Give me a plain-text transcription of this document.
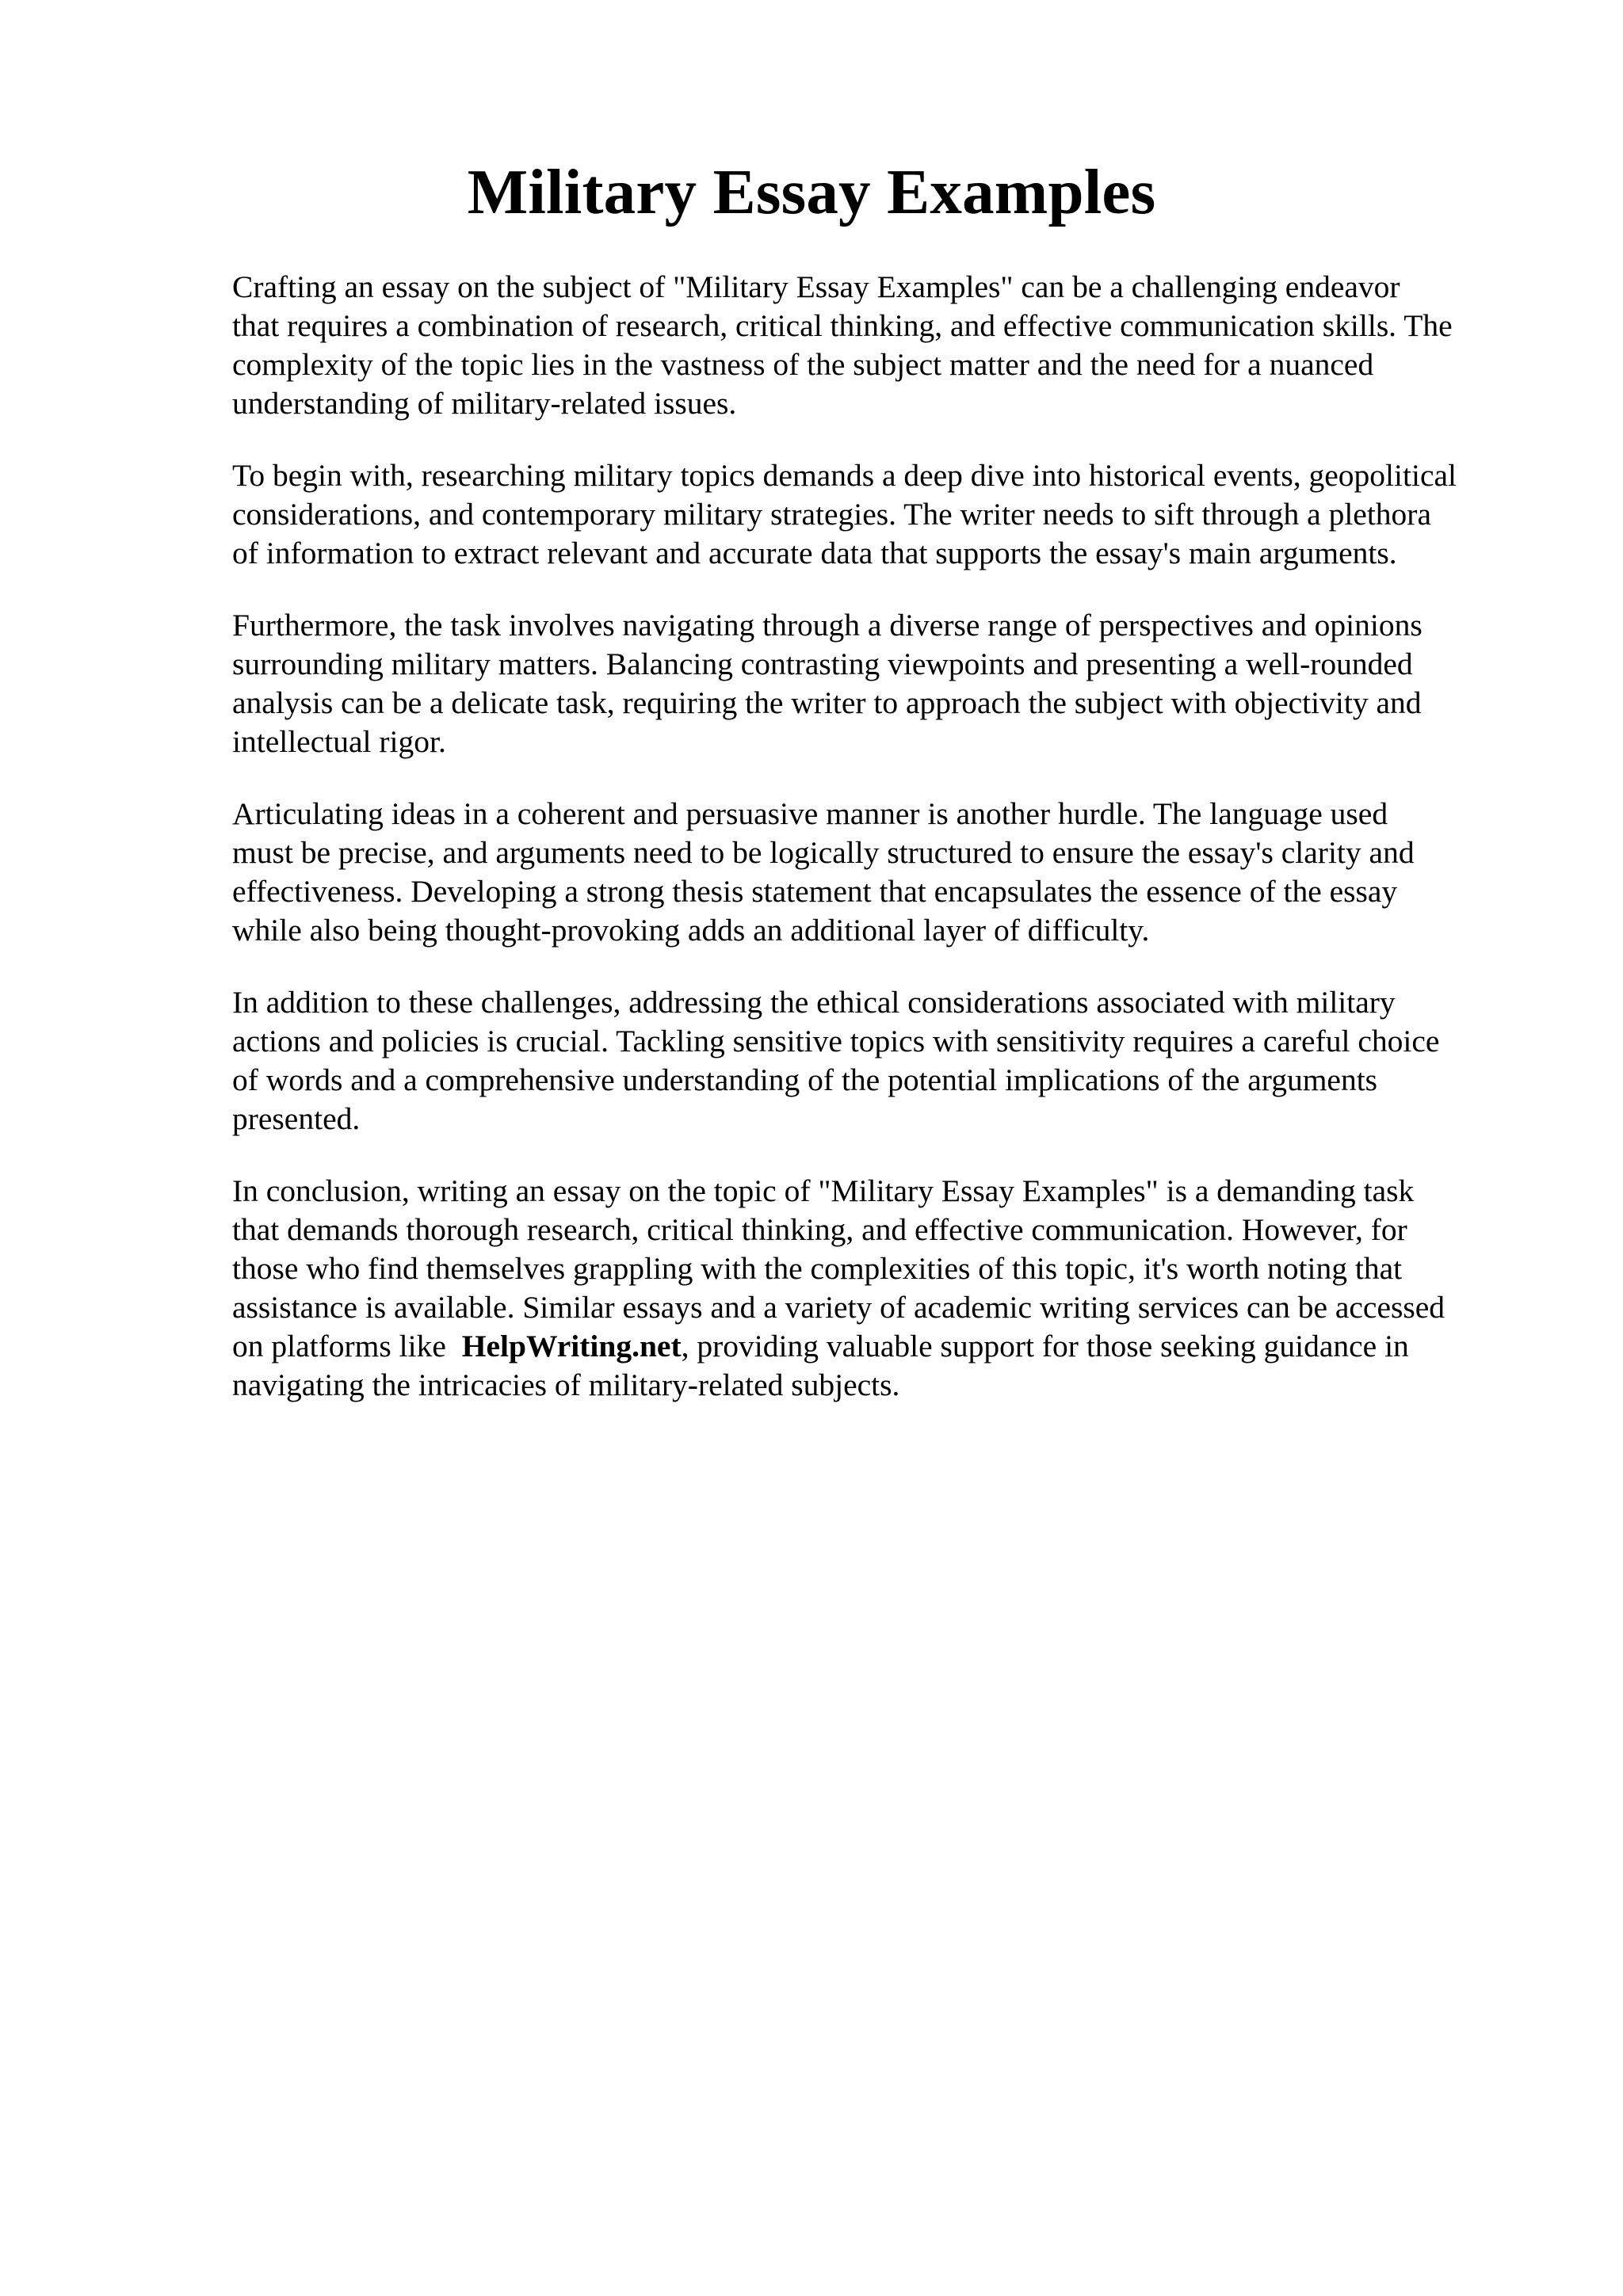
Military Essay Examples

Crafting an essay on the subject of "Military Essay Examples" can be a challenging endeavor
that requires a combination of research, critical thinking, and effective communication skills. The
complexity of the topic lies in the vastness of the subject matter and the need for a nuanced
understanding of military-related issues.

To begin with, researching military topics demands a deep dive into historical events, geopolitical
considerations, and contemporary military strategies. The writer needs to sift through a plethora
of information to extract relevant and accurate data that supports the essay's main arguments.

Furthermore, the task involves navigating through a diverse range of perspectives and opinions
surrounding military matters. Balancing contrasting viewpoints and presenting a well-rounded
analysis can be a delicate task, requiring the writer to approach the subject with objectivity and
intellectual rigor.

Articulating ideas in a coherent and persuasive manner is another hurdle. The language used
must be precise, and arguments need to be logically structured to ensure the essay's clarity and
effectiveness. Developing a strong thesis statement that encapsulates the essence of the essay
while also being thought-provoking adds an additional layer of difficulty.

In addition to these challenges, addressing the ethical considerations associated with military
actions and policies is crucial. Tackling sensitive topics with sensitivity requires a careful choice
of words and a comprehensive understanding of the potential implications of the arguments
presented.

In conclusion, writing an essay on the topic of "Military Essay Examples" is a demanding task
that demands thorough research, critical thinking, and effective communication. However, for
those who find themselves grappling with the complexities of this topic, it's worth noting that
assistance is available. Similar essays and a variety of academic writing services can be accessed
on platforms like HelpWriting.net, providing valuable support for those seeking guidance in
navigating the intricacies of military-related subjects.
